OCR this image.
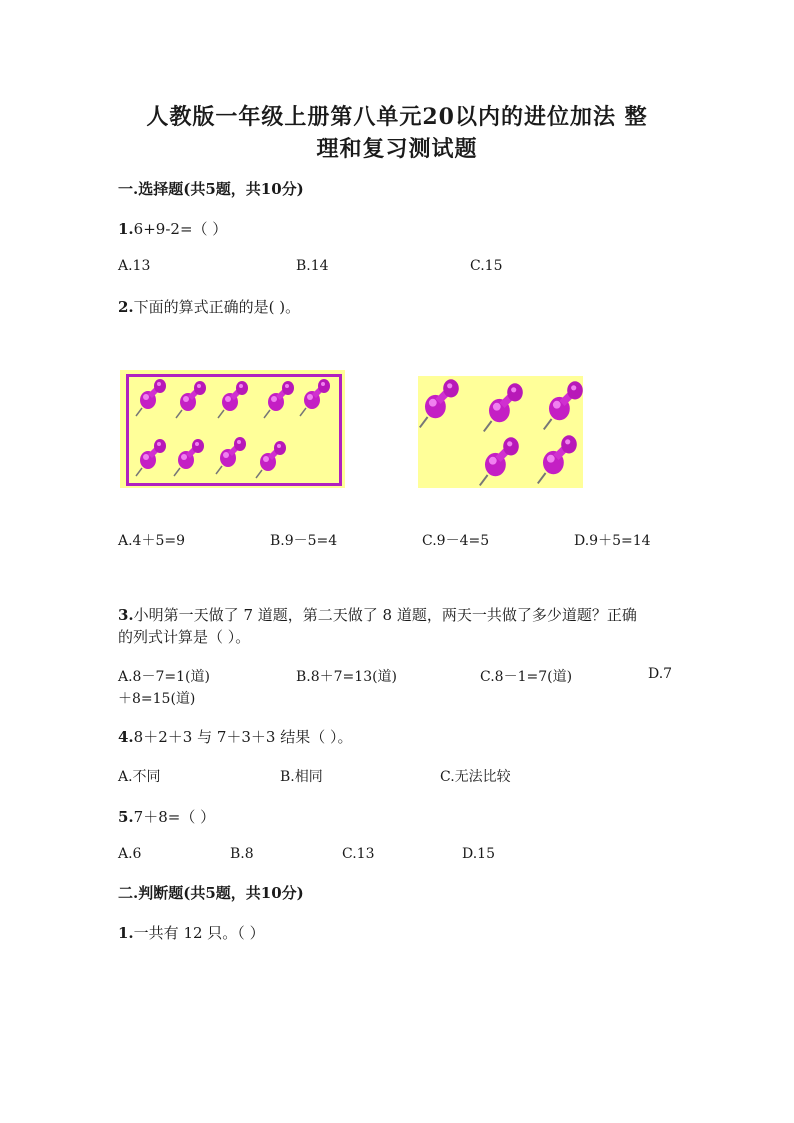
人教版一年级上册第八单元20以内的进位加法 整
理和复习测试题
一.选择题(共5题，共10分)
1.6+9-2=（ ）
A.13	B.14	C.15
2.下面的算式正确的是( )。
A.4＋5=9	B.9－5=4	C.9－4=5	D.9＋5=14
3.小明第一天做了 7 道题，第二天做了 8 道题，两天一共做了多少道题？正确
的列式计算是（ ）。
A.8－7=1(道)	B.8＋7=13(道)	C.8－1=7(道)	D.7
＋8=15(道)
4.8＋2＋3 与 7＋3＋3 结果（ ）。
A.不同	B.相同	C.无法比较
5.7＋8=（ ）
A.6	B.8	C.13	D.15
二.判断题(共5题，共10分)
1.一共有 12 只。（ ）
